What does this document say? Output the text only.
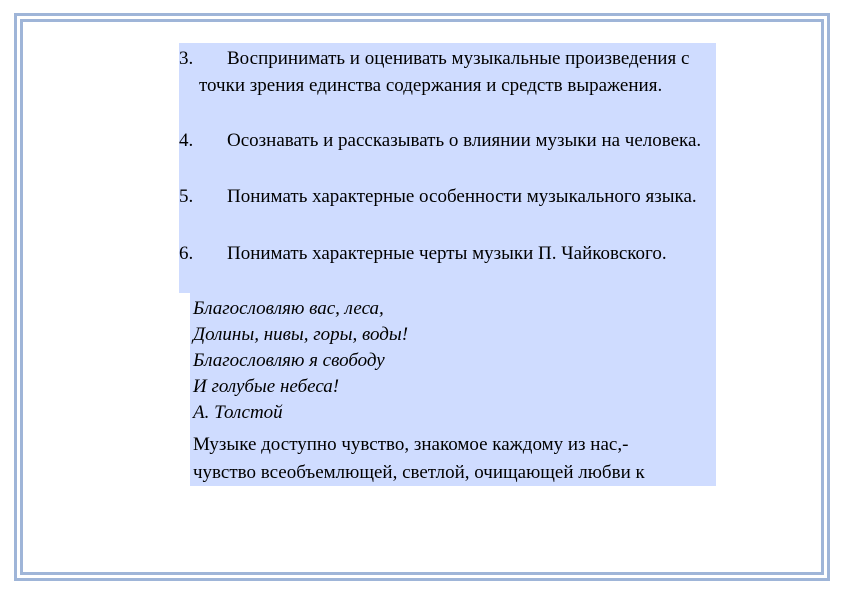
3.	Воспринимать и оценивать музыкальные произведения с точки зрения единства содержания и средств выражения.
4.	Осознавать и рассказывать о влиянии музыки на человека.
5.	Понимать характерные особенности музыкального языка.
6.	Понимать характерные черты музыки П. Чайковского.
Благословляю вас, леса,
Долины, нивы, горы, воды!
Благословляю я свободу
И голубые небеса!
А. Толстой
Музыке доступно чувство, знакомое каждому из нас,-
чувство всеобъемлющей, светлой, очищающей любви к
